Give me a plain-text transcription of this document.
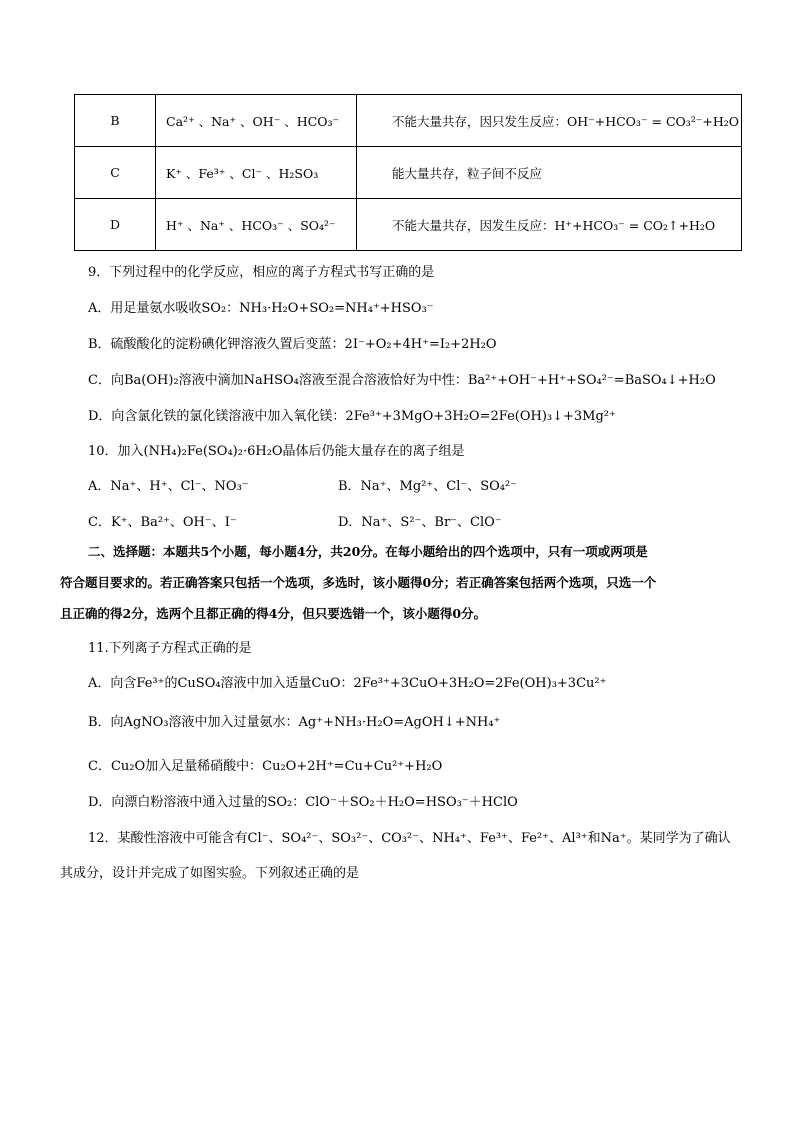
B	Ca²⁺ 、Na⁺ 、OH⁻ 、HCO₃⁻	不能大量共存，因只发生反应：OH⁻+HCO₃⁻ = CO₃²⁻+H₂O
C	K⁺ 、Fe³⁺ 、Cl⁻ 、H₂SO₃	能大量共存，粒子间不反应
D	H⁺ 、Na⁺ 、HCO₃⁻ 、SO₄²⁻	不能大量共存，因发生反应：H⁺+HCO₃⁻ = CO₂↑+H₂O
9．下列过程中的化学反应，相应的离子方程式书写正确的是
A．用足量氨水吸收SO₂：NH₃·H₂O+SO₂=NH₄⁺+HSO₃⁻
B．硫酸酸化的淀粉碘化钾溶液久置后变蓝：2I⁻+O₂+4H⁺=I₂+2H₂O
C．向Ba(OH)₂溶液中滴加NaHSO₄溶液至混合溶液恰好为中性：Ba²⁺+OH⁻+H⁺+SO₄²⁻=BaSO₄↓+H₂O
D．向含氯化铁的氯化镁溶液中加入氧化镁：2Fe³⁺+3MgO+3H₂O=2Fe(OH)₃↓+3Mg²⁺
10．加入(NH₄)₂Fe(SO₄)₂·6H₂O晶体后仍能大量存在的离子组是
A．Na⁺、H⁺、Cl⁻、NO₃⁻	B．Na⁺、Mg²⁺、Cl⁻、SO₄²⁻
C．K⁺、Ba²⁺、OH⁻、I⁻	D．Na⁺、S²⁻、Br⁻、ClO⁻
二、选择题：本题共5个小题，每小题4分，共20分。在每小题给出的四个选项中，只有一项或两项是
符合题目要求的。若正确答案只包括一个选项，多选时，该小题得0分；若正确答案包括两个选项，只选一个
且正确的得2分，选两个且都正确的得4分，但只要选错一个，该小题得0分。
11.下列离子方程式正确的是
A．向含Fe³⁺的CuSO₄溶液中加入适量CuO：2Fe³⁺+3CuO+3H₂O=2Fe(OH)₃+3Cu²⁺
B．向AgNO₃溶液中加入过量氨水：Ag⁺+NH₃·H₂O=AgOH↓+NH₄⁺
C．Cu₂O加入足量稀硝酸中：Cu₂O+2H⁺=Cu+Cu²⁺+H₂O
D．向漂白粉溶液中通入过量的SO₂：ClO⁻＋SO₂＋H₂O=HSO₃⁻＋HClO
12．某酸性溶液中可能含有Cl⁻、SO₄²⁻、SO₃²⁻、CO₃²⁻、NH₄⁺、Fe³⁺、Fe²⁺、Al³⁺和Na⁺。某同学为了确认
其成分，设计并完成了如图实验。下列叙述正确的是
